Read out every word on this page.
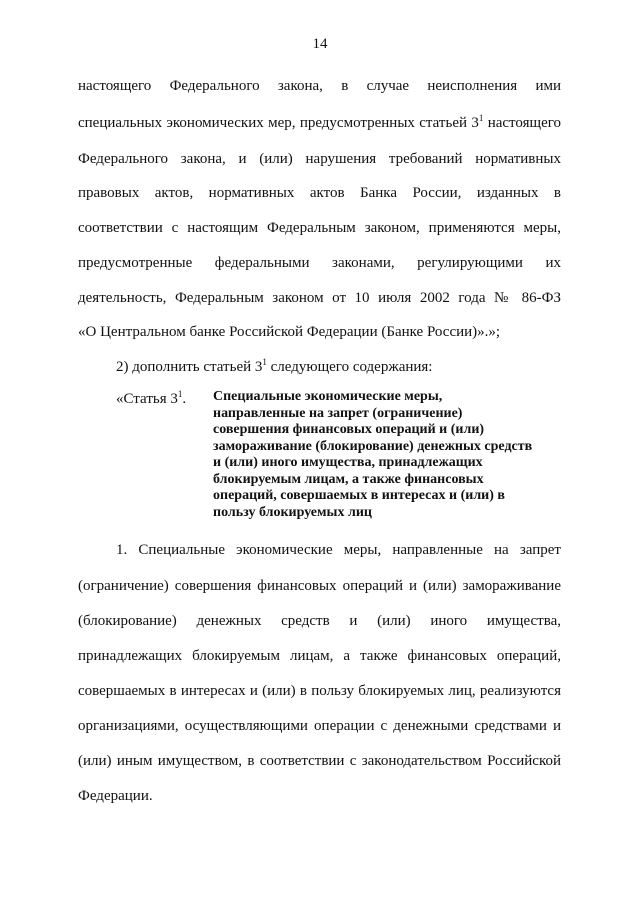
14
настоящего Федерального закона, в случае неисполнения ими
специальных экономических мер, предусмотренных статьей $3^1$ настоящего
Федерального закона, и (или) нарушения требований нормативных
правовых актов, нормативных актов Банка России, изданных в
соответствии с настоящим Федеральным законом, применяются меры,
предусмотренные федеральными законами, регулирующими их
деятельность, Федеральным законом от 10 июля 2002 года № 86-ФЗ
«О Центральном банке Российской Федерации (Банке России)».»;
2) дополнить статьей $3^1$ следующего содержания:
«Статья $3^1$. Специальные экономические меры,
направленные на запрет (ограничение)
совершения финансовых операций и (или)
замораживание (блокирование) денежных средств
и (или) иного имущества, принадлежащих
блокируемым лицам, а также финансовых
операций, совершаемых в интересах и (или) в
пользу блокируемых лиц
1. Специальные экономические меры, направленные на запрет
(ограничение) совершения финансовых операций и (или) замораживание
(блокирование) денежных средств и (или) иного имущества,
принадлежащих блокируемым лицам, а также финансовых операций,
совершаемых в интересах и (или) в пользу блокируемых лиц, реализуются
организациями, осуществляющими операции с денежными средствами и
(или) иным имуществом, в соответствии с законодательством Российской
Федерации.
